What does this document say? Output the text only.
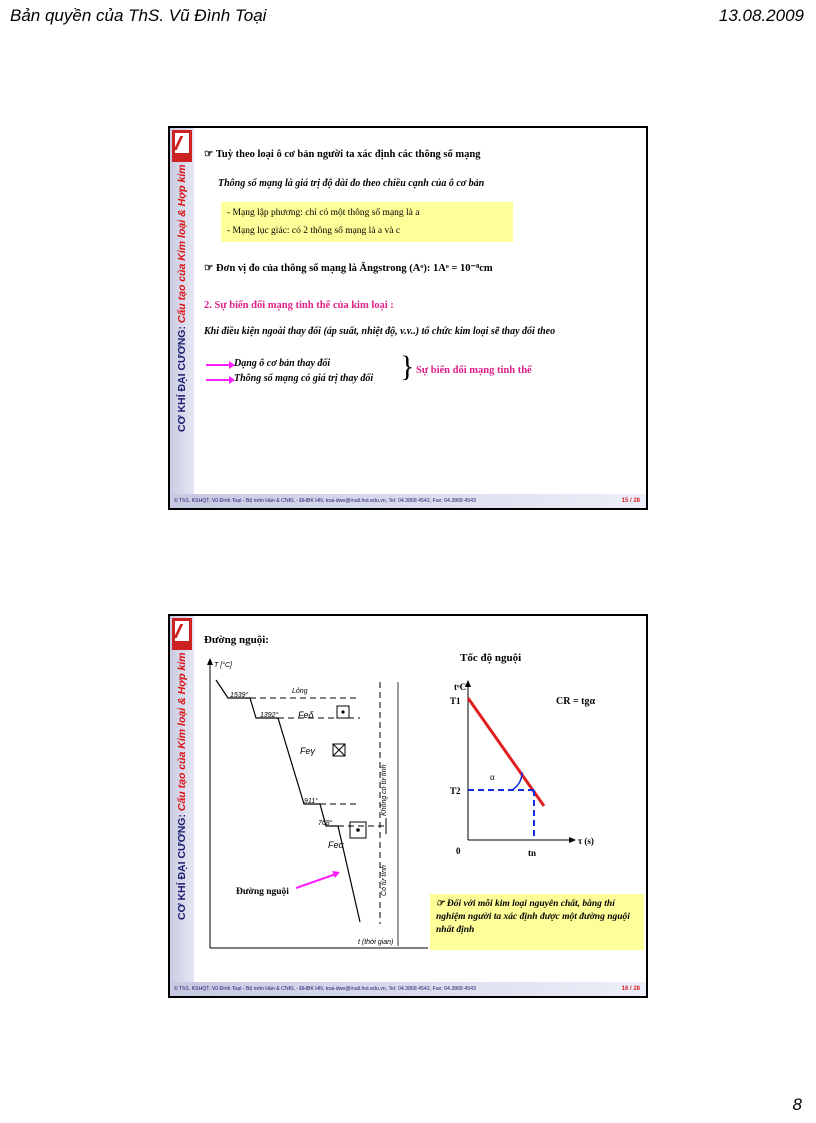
Bản quyền của ThS. Vũ Đình Toại	13.08.2009
CƠ KHÍ ĐẠI CƯƠNG: Cấu tạo của Kim loại & Hợp kim
☞ Tuỳ theo loại ô cơ bản người ta xác định các thông số mạng
Thông số mạng là giá trị độ dài đo theo chiều cạnh của ô cơ bản
- Mạng lập phương: chỉ có một thông số mạng là a
- Mạng lục giác: có 2 thông số mạng là a và c
☞ Đơn vị đo của thông số mạng là Ăngstrong (Aᵒ): 1Aᵒ = 10⁻⁸cm
2. Sự biến đổi mạng tinh thể của kim loại :
Khi điều kiện ngoài thay đổi (áp suất, nhiệt độ, v.v..) tổ chức kim loại sẽ thay đổi theo
Dạng ô cơ bản thay đổi
Thông số mạng có giá trị thay đổi } Sự biến đổi mạng tinh thể
© ThS. KSHQT. Vũ Đình Toại - Bộ môn Hàn & CNKL - ĐHBK HN, toai-dwe@mail.hut.edu.vn, Tel: 04.3868 4542, Fax: 04.3868 4543	15 / 28
CƠ KHÍ ĐẠI CƯƠNG: Cấu tạo của Kim loại & Hợp kim
Đường nguội:
T [°C]
t (thời gian)
1539°
1392°
911°
768°
Lỏng
Feδ
Feγ
Feα
Không có từ tính
Có từ tính
Đường nguội
Tốc độ nguội
tᵒC
T1
T2
0
α
τ (s)
tn
CR = tgα
☞ Đối với mỗi kim loại nguyên chất, bằng thí nghiệm người ta xác định được một đường nguội nhất định
© ThS. KSHQT. Vũ Đình Toại - Bộ môn Hàn & CNKL - ĐHBK HN, toai-dwe@mail.hut.edu.vn, Tel: 04.3868 4542, Fax: 04.3868 4543	16 / 28
8
